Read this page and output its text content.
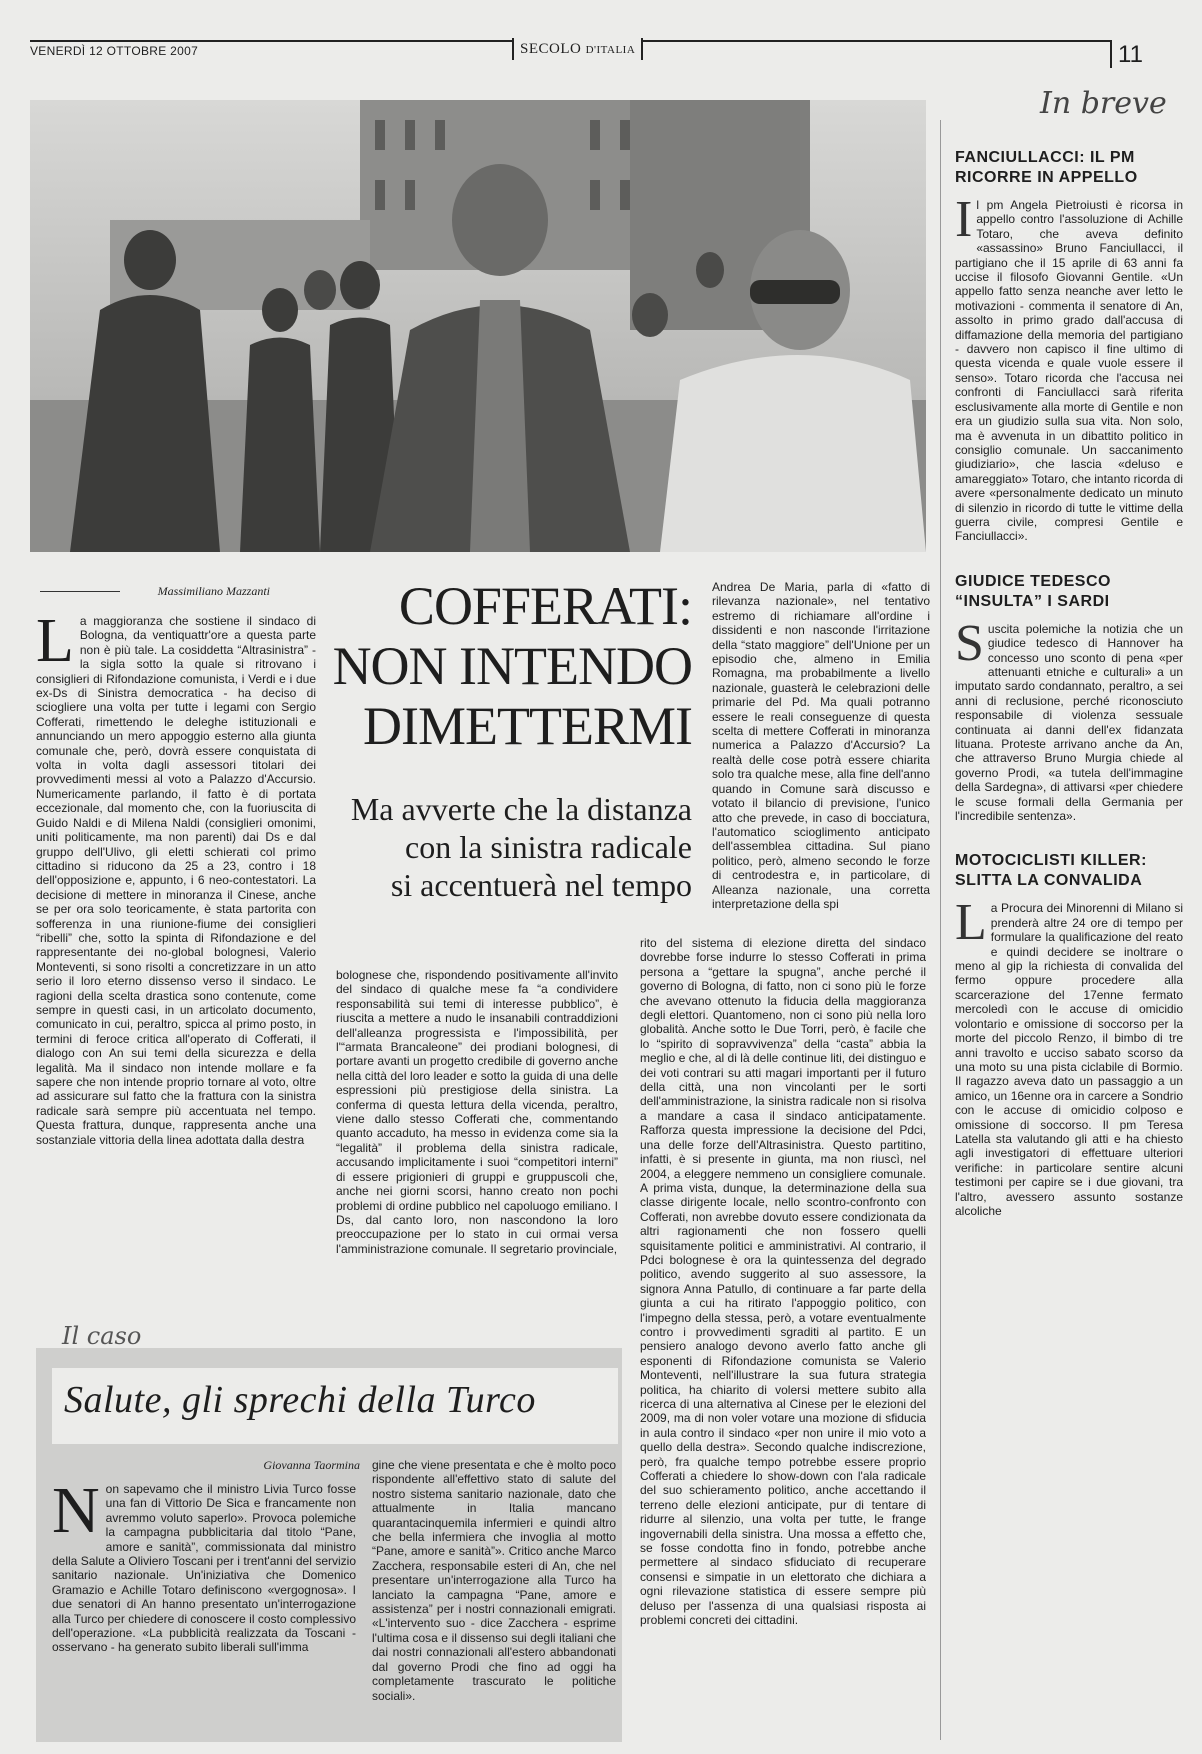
VENERDÌ 12 OTTOBRE 2007	SECOLO D'ITALIA	11
In breve
FANCIULLACCI: IL PM RICORRE IN APPELLO

Il pm Angela Pietroiusti è ricorsa in appello contro l'assoluzione di Achille Totaro, che aveva definito «assassino» Bruno Fanciullacci, il partigiano che il 15 aprile di 63 anni fa uccise il filosofo Giovanni Gentile. «Un appello fatto senza neanche aver letto le motivazioni - commenta il senatore di An, assolto in primo grado dall'accusa di diffamazione della memoria del partigiano - davvero non capisco il fine ultimo di questa vicenda e quale vuole essere il senso». Totaro ricorda che l'accusa nei confronti di Fanciullacci sarà riferita esclusivamente alla morte di Gentile e non era un giudizio sulla sua vita. Non solo, ma è avvenuta in un dibattito politico in consiglio comunale. Un saccanimento giudiziario», che lascia «deluso e amareggiato» Totaro, che intanto ricorda di avere «personalmente dedicato un minuto di silenzio in ricordo di tutte le vittime della guerra civile, compresi Gentile e Fanciullacci».

GIUDICE TEDESCO “INSULTA” I SARDI

Suscita polemiche la notizia che un giudice tedesco di Hannover ha concesso uno sconto di pena «per attenuanti etniche e culturali» a un imputato sardo condannato, peraltro, a sei anni di reclusione, perché riconosciuto responsabile di violenza sessuale continuata ai danni dell'ex fidanzata lituana. Proteste arrivano anche da An, che attraverso Bruno Murgia chiede al governo Prodi, «a tutela dell'immagine della Sardegna», di attivarsi «per chiedere le scuse formali della Germania per l'incredibile sentenza».

MOTOCICLISTI KILLER: SLITTA LA CONVALIDA

La Procura dei Minorenni di Milano si prenderà altre 24 ore di tempo per formulare la qualificazione del reato e quindi decidere se inoltrare o meno al gip la richiesta di convalida del fermo oppure procedere alla scarcerazione del 17enne fermato mercoledì con le accuse di omicidio volontario e omissione di soccorso per la morte del piccolo Renzo, il bimbo di tre anni travolto e ucciso sabato scorso da una moto su una pista ciclabile di Bormio. Il ragazzo aveva dato un passaggio a un amico, un 16enne ora in carcere a Sondrio con le accuse di omicidio colposo e omissione di soccorso. Il pm Teresa Latella sta valutando gli atti e ha chiesto agli investigatori di effettuare ulteriori verifiche: in particolare sentire alcuni testimoni per capire se i due giovani, tra l'altro, avessero assunto sostanze alcoliche

Massimiliano Mazzanti	COFFERATI:
NON INTENDO
DIMETTERMI
Ma avverte che la distanza
con la sinistra radicale
si accentuerà nel tempo

La maggioranza che sostiene il sindaco di Bologna, da ventiquattr'ore a questa parte non è più tale. La cosiddetta “Altrasinistra” - la sigla sotto la quale si ritrovano i consiglieri di Rifondazione comunista, i Verdi e i due ex-Ds di Sinistra democratica - ha deciso di sciogliere una volta per tutte i legami con Sergio Cofferati, rimettendo le deleghe istituzionali e annunciando un mero appoggio esterno alla giunta comunale che, però, dovrà essere conquistata di volta in volta dagli assessori titolari dei provvedimenti messi al voto a Palazzo d'Accursio. Numericamente parlando, il fatto è di portata eccezionale, dal momento che, con la fuoriuscita di Guido Naldi e di Milena Naldi (consiglieri omonimi, uniti politicamente, ma non parenti) dai Ds e dal gruppo dell'Ulivo, gli eletti schierati col primo cittadino si riducono da 25 a 23, contro i 18 dell'opposizione e, appunto, i 6 neo-contestatori. La decisione di mettere in minoranza il Cinese, anche se per ora solo teoricamente, è stata partorita con sofferenza in una riunione-fiume dei consiglieri “ribelli” che, sotto la spinta di Rifondazione e del rappresentante dei no-global bolognesi, Valerio Monteventi, si sono risolti a concretizzare in un atto serio il loro eterno dissenso verso il sindaco. Le ragioni della scelta drastica sono contenute, come sempre in questi casi, in un articolato documento, comunicato in cui, peraltro, spicca al primo posto, in termini di feroce critica all'operato di Cofferati, il dialogo con An sui temi della sicurezza e della legalità. Ma il sindaco non intende mollare e fa sapere che non intende proprio tornare al voto, oltre ad assicurare sul fatto che la frattura con la sinistra radicale sarà sempre più accentuata nel tempo. Questa frattura, dunque, rappresenta anche una sostanziale vittoria della linea adottata dalla destra

Andrea De Maria, parla di «fatto di rilevanza nazionale», nel tentativo estremo di richiamare all'ordine i dissidenti e non nasconde l'irritazione della “stato maggiore” dell'Unione per un episodio che, almeno in Emilia Romagna, ma probabilmente a livello nazionale, guasterà le celebrazioni delle primarie del Pd. Ma quali potranno essere le reali conseguenze di questa scelta di mettere Cofferati in minoranza numerica a Palazzo d'Accursio? La realtà delle cose potrà essere chiarita solo tra qualche mese, alla fine dell'anno quando in Comune sarà discusso e votato il bilancio di previsione, l'unico atto che prevede, in caso di bocciatura, l'automatico scioglimento anticipato dell'assemblea cittadina. Sul piano politico, però, almeno secondo le forze di centrodestra e, in particolare, di Alleanza nazionale, una corretta interpretazione della spi

bolognese che, rispondendo positivamente all'invito del sindaco di qualche mese fa “a condividere responsabilità sui temi di interesse pubblico”, è riuscita a mettere a nudo le insanabili contraddizioni dell'alleanza progressista e l'impossibilità, per l'“armata Brancaleone” dei prodiani bolognesi, di portare avanti un progetto credibile di governo anche nella città del loro leader e sotto la guida di una delle espressioni più prestigiose della sinistra. La conferma di questa lettura della vicenda, peraltro, viene dallo stesso Cofferati che, commentando quanto accaduto, ha messo in evidenza come sia la “legalità” il problema della sinistra radicale, accusando implicitamente i suoi “competitori interni” di essere prigionieri di gruppi e gruppuscoli che, anche nei giorni scorsi, hanno creato non pochi problemi di ordine pubblico nel capoluogo emiliano. I Ds, dal canto loro, non nascondono la loro preoccupazione per lo stato in cui ormai versa l'amministrazione comunale. Il segretario provinciale,

rito del sistema di elezione diretta del sindaco dovrebbe forse indurre lo stesso Cofferati in prima persona a “gettare la spugna”, anche perché il governo di Bologna, di fatto, non ci sono più le forze che avevano ottenuto la fiducia della maggioranza degli elettori. Quantomeno, non ci sono più nella loro globalità. Anche sotto le Due Torri, però, è facile che lo “spirito di sopravvivenza” della “casta” abbia la meglio e che, al di là delle continue liti, dei distinguo e dei voti contrari su atti magari importanti per il futuro della città, una non vincolanti per le sorti dell'amministrazione, la sinistra radicale non si risolva a mandare a casa il sindaco anticipatamente. Rafforza questa impressione la decisione del Pdci, una delle forze dell'Altrasinistra. Questo partitino, infatti, è si presente in giunta, ma non riuscì, nel 2004, a eleggere nemmeno un consigliere comunale. A prima vista, dunque, la determinazione della sua classe dirigente locale, nello scontro-confronto con Cofferati, non avrebbe dovuto essere condizionata da altri ragionamenti che non fossero quelli squisitamente politici e amministrativi. Al contrario, il Pdci bolognese è ora la quintessenza del degrado politico, avendo suggerito al suo assessore, la signora Anna Patullo, di continuare a far parte della giunta a cui ha ritirato l'appoggio politico, con l'impegno della stessa, però, a votare eventualmente contro i provvedimenti sgraditi al partito. E un pensiero analogo devono averlo fatto anche gli esponenti di Rifondazione comunista se Valerio Monteventi, nell'illustrare la sua futura strategia politica, ha chiarito di volersi mettere subito alla ricerca di una alternativa al Cinese per le elezioni del 2009, ma di non voler votare una mozione di sfiducia in aula contro il sindaco «per non unire il mio voto a quello della destra». Secondo qualche indiscrezione, però, fra qualche tempo potrebbe essere proprio Cofferati a chiedere lo show-down con l'ala radicale del suo schieramento politico, anche accettando il terreno delle elezioni anticipate, pur di tentare di ridurre al silenzio, una volta per tutte, le frange ingovernabili della sinistra. Una mossa a effetto che, se fosse condotta fino in fondo, potrebbe anche permettere al sindaco sfiduciato di recuperare consensi e simpatie in un elettorato che dichiara a ogni rilevazione statistica di essere sempre più deluso per l'assenza di una qualsiasi risposta ai problemi concreti dei cittadini.

Il caso
Salute, gli sprechi della Turco
Giovanna Taormina

Non sapevamo che il ministro Livia Turco fosse una fan di Vittorio De Sica e francamente non avremmo voluto saperlo». Provoca polemiche la campagna pubblicitaria dal titolo “Pane, amore e sanità”, commissionata dal ministro della Salute a Oliviero Toscani per i trent'anni del servizio sanitario nazionale. Un'iniziativa che Domenico Gramazio e Achille Totaro definiscono «vergognosa». I due senatori di An hanno presentato un'interrogazione alla Turco per chiedere di conoscere il costo complessivo dell'operazione. «La pubblicità realizzata da Toscani - osservano - ha generato subito liberali sull'imma

gine che viene presentata e che è molto poco rispondente all'effettivo stato di salute del nostro sistema sanitario nazionale, dato che attualmente in Italia mancano quarantacinquemila infermieri e quindi altro che bella infermiera che invoglia al motto “Pane, amore e sanità”». Critico anche Marco Zacchera, responsabile esteri di An, che nel presentare un'interrogazione alla Turco ha lanciato la campagna “Pane, amore e assistenza” per i nostri connazionali emigrati. «L'intervento suo - dice Zacchera - esprime l'ultima cosa e il dissenso sui degli italiani che dai nostri connazionali all'estero abbandonati dal governo Prodi che fino ad oggi ha completamente trascurato le politiche sociali».
